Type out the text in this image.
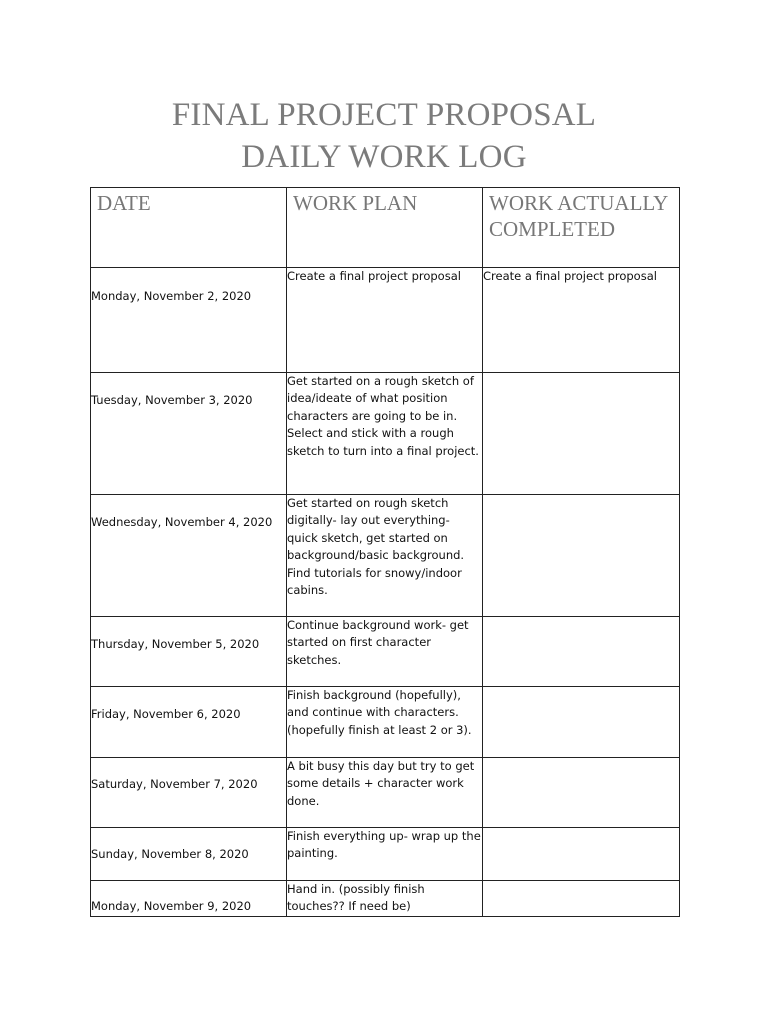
FINAL PROJECT PROPOSAL
DAILY WORK LOG
DATE	WORK PLAN	WORK ACTUALLY COMPLETED
Monday, November 2, 2020	Create a final project proposal	Create a final project proposal
Tuesday, November 3, 2020	Get started on a rough sketch of idea/ideate of what position characters are going to be in. Select and stick with a rough sketch to turn into a final project.	
Wednesday, November 4, 2020	Get started on rough sketch digitally- lay out everything- quick sketch, get started on background/basic background. Find tutorials for snowy/indoor cabins.	
Thursday, November 5, 2020	Continue background work- get started on first character sketches.	
Friday, November 6, 2020	Finish background (hopefully), and continue with characters. (hopefully finish at least 2 or 3).	
Saturday, November 7, 2020	A bit busy this day but try to get some details + character work done.	
Sunday, November 8, 2020	Finish everything up- wrap up the painting.	
Monday, November 9, 2020	Hand in. (possibly finish touches?? If need be)	
